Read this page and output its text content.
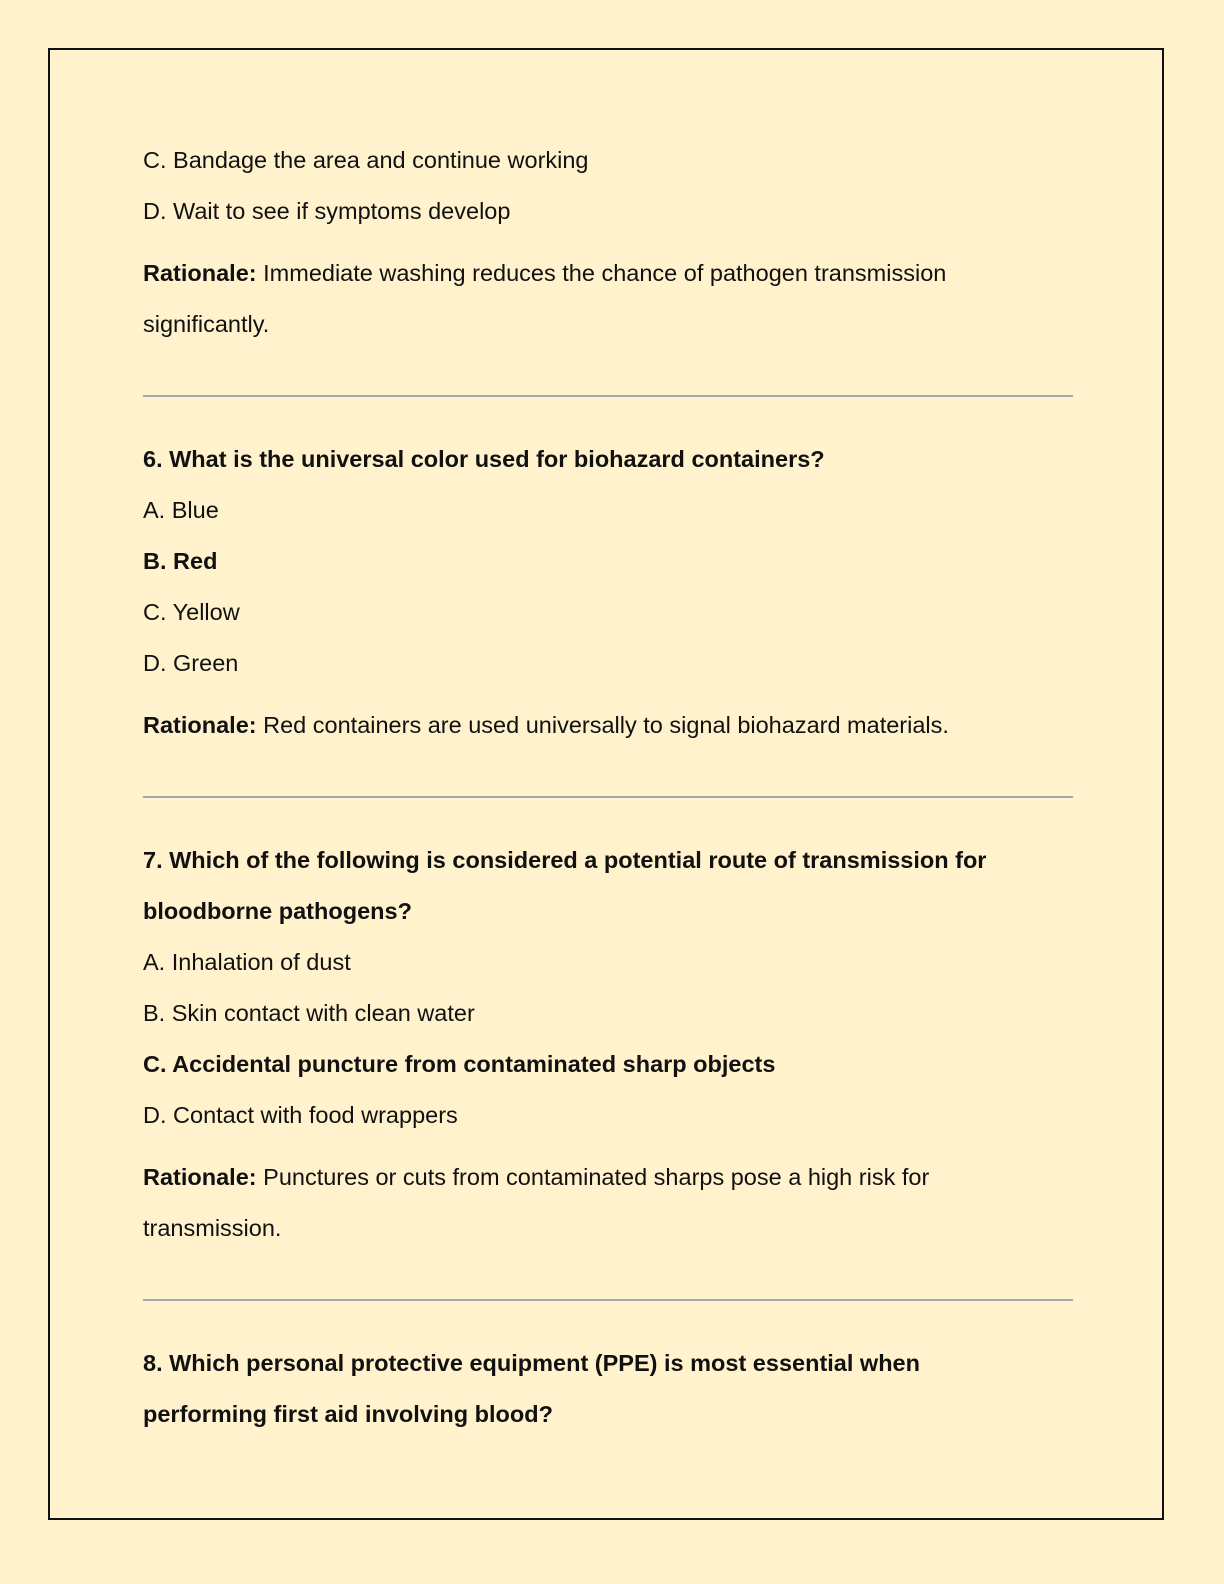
C. Bandage the area and continue working
D. Wait to see if symptoms develop
Rationale: Immediate washing reduces the chance of pathogen transmission
significantly.
6. What is the universal color used for biohazard containers?
A. Blue
B. Red
C. Yellow
D. Green
Rationale: Red containers are used universally to signal biohazard materials.
7. Which of the following is considered a potential route of transmission for
bloodborne pathogens?
A. Inhalation of dust
B. Skin contact with clean water
C. Accidental puncture from contaminated sharp objects
D. Contact with food wrappers
Rationale: Punctures or cuts from contaminated sharps pose a high risk for
transmission.
8. Which personal protective equipment (PPE) is most essential when
performing first aid involving blood?
